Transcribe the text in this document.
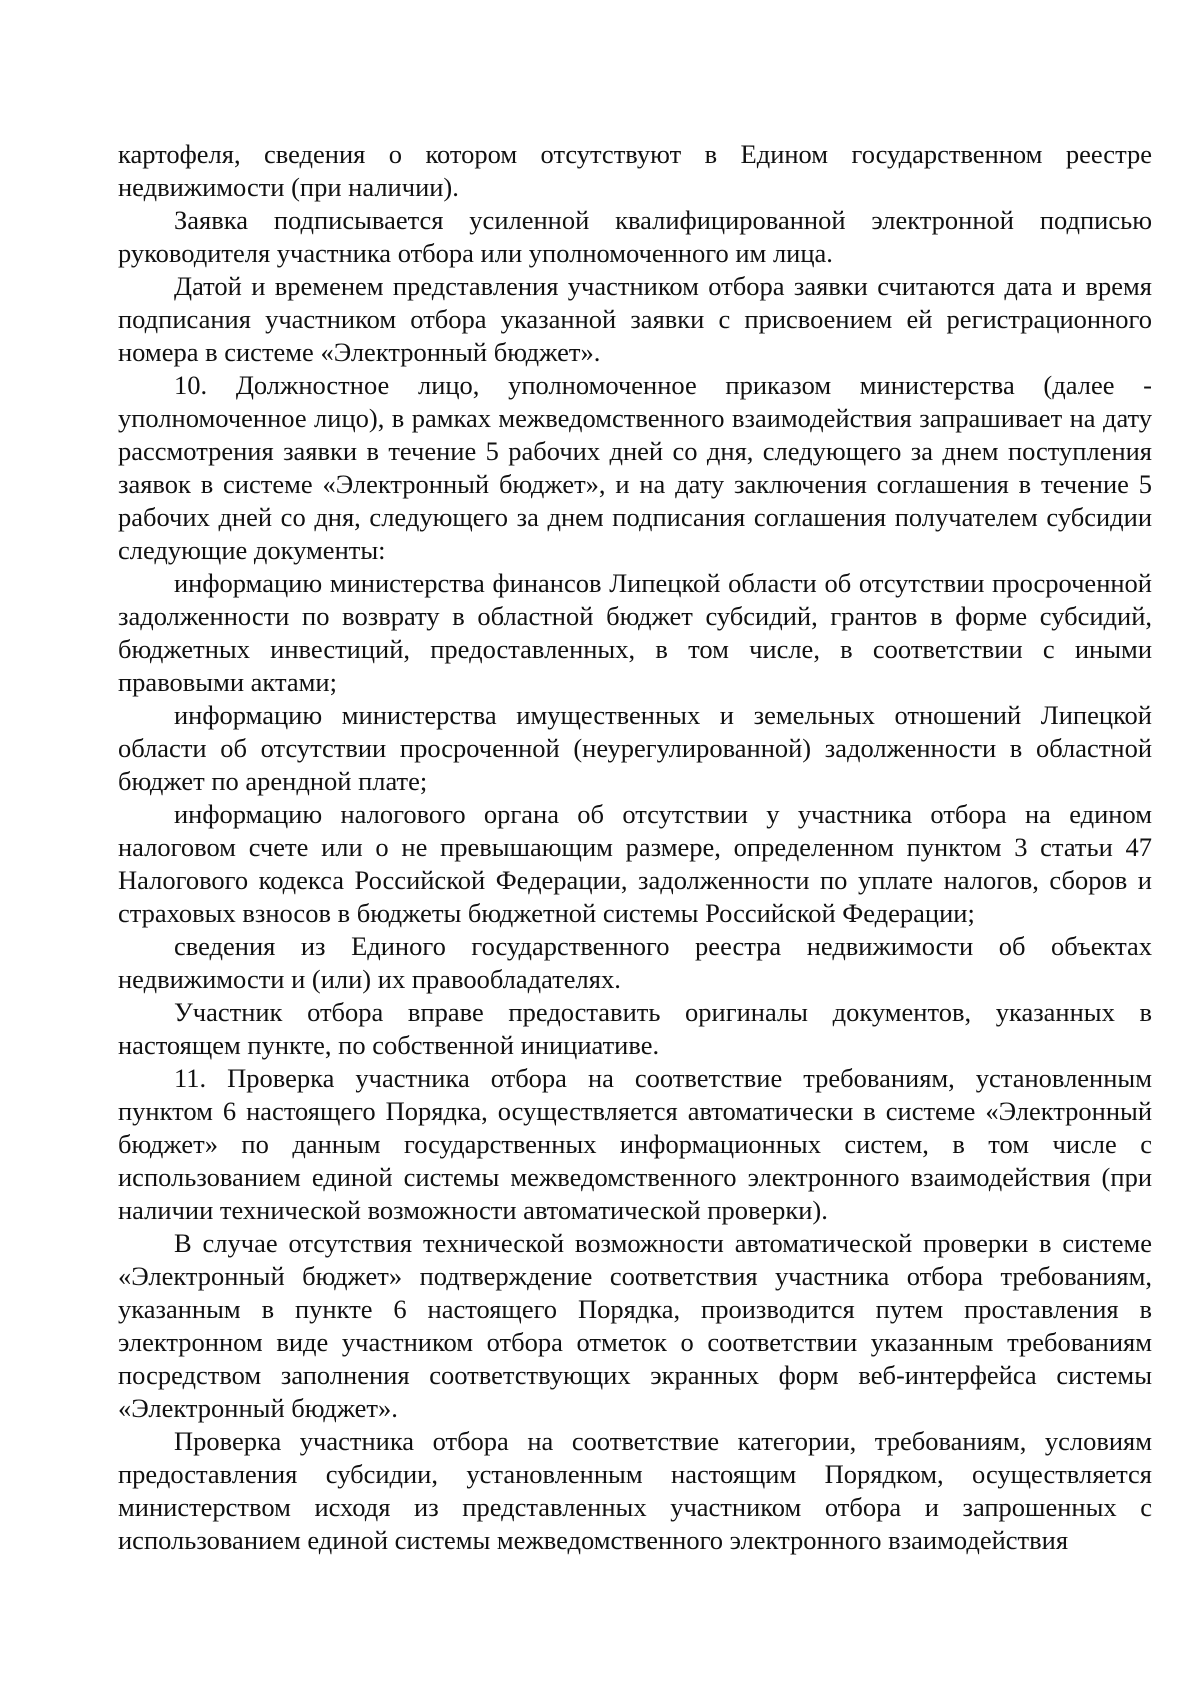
картофеля, сведения о котором отсутствуют в Едином государственном реестре недвижимости (при наличии).

Заявка подписывается усиленной квалифицированной электронной подписью руководителя участника отбора или уполномоченного им лица.

Датой и временем представления участником отбора заявки считаются дата и время подписания участником отбора указанной заявки с присвоением ей регистрационного номера в системе «Электронный бюджет».

10. Должностное лицо, уполномоченное приказом министерства (далее - уполномоченное лицо), в рамках межведомственного взаимодействия запрашивает на дату рассмотрения заявки в течение 5 рабочих дней со дня, следующего за днем поступления заявок в системе «Электронный бюджет», и на дату заключения соглашения в течение 5 рабочих дней со дня, следующего за днем подписания соглашения получателем субсидии следующие документы:

информацию министерства финансов Липецкой области об отсутствии просроченной задолженности по возврату в областной бюджет субсидий, грантов в форме субсидий, бюджетных инвестиций, предоставленных, в том числе, в соответствии с иными правовыми актами;

информацию министерства имущественных и земельных отношений Липецкой области об отсутствии просроченной (неурегулированной) задолженности в областной бюджет по арендной плате;

информацию налогового органа об отсутствии у участника отбора на едином налоговом счете или о не превышающим размере, определенном пунктом 3 статьи 47 Налогового кодекса Российской Федерации, задолженности по уплате налогов, сборов и страховых взносов в бюджеты бюджетной системы Российской Федерации;

сведения из Единого государственного реестра недвижимости об объектах недвижимости и (или) их правообладателях.

Участник отбора вправе предоставить оригиналы документов, указанных в настоящем пункте, по собственной инициативе.

11. Проверка участника отбора на соответствие требованиям, установленным пунктом 6 настоящего Порядка, осуществляется автоматически в системе «Электронный бюджет» по данным государственных информационных систем, в том числе с использованием единой системы межведомственного электронного взаимодействия (при наличии технической возможности автоматической проверки).

В случае отсутствия технической возможности автоматической проверки в системе «Электронный бюджет» подтверждение соответствия участника отбора требованиям, указанным в пункте 6 настоящего Порядка, производится путем проставления в электронном виде участником отбора отметок о соответствии указанным требованиям посредством заполнения соответствующих экранных форм веб-интерфейса системы «Электронный бюджет».

Проверка участника отбора на соответствие категории, требованиям, условиям предоставления субсидии, установленным настоящим Порядком, осуществляется министерством исходя из представленных участником отбора и запрошенных с использованием единой системы межведомственного электронного взаимодействия
